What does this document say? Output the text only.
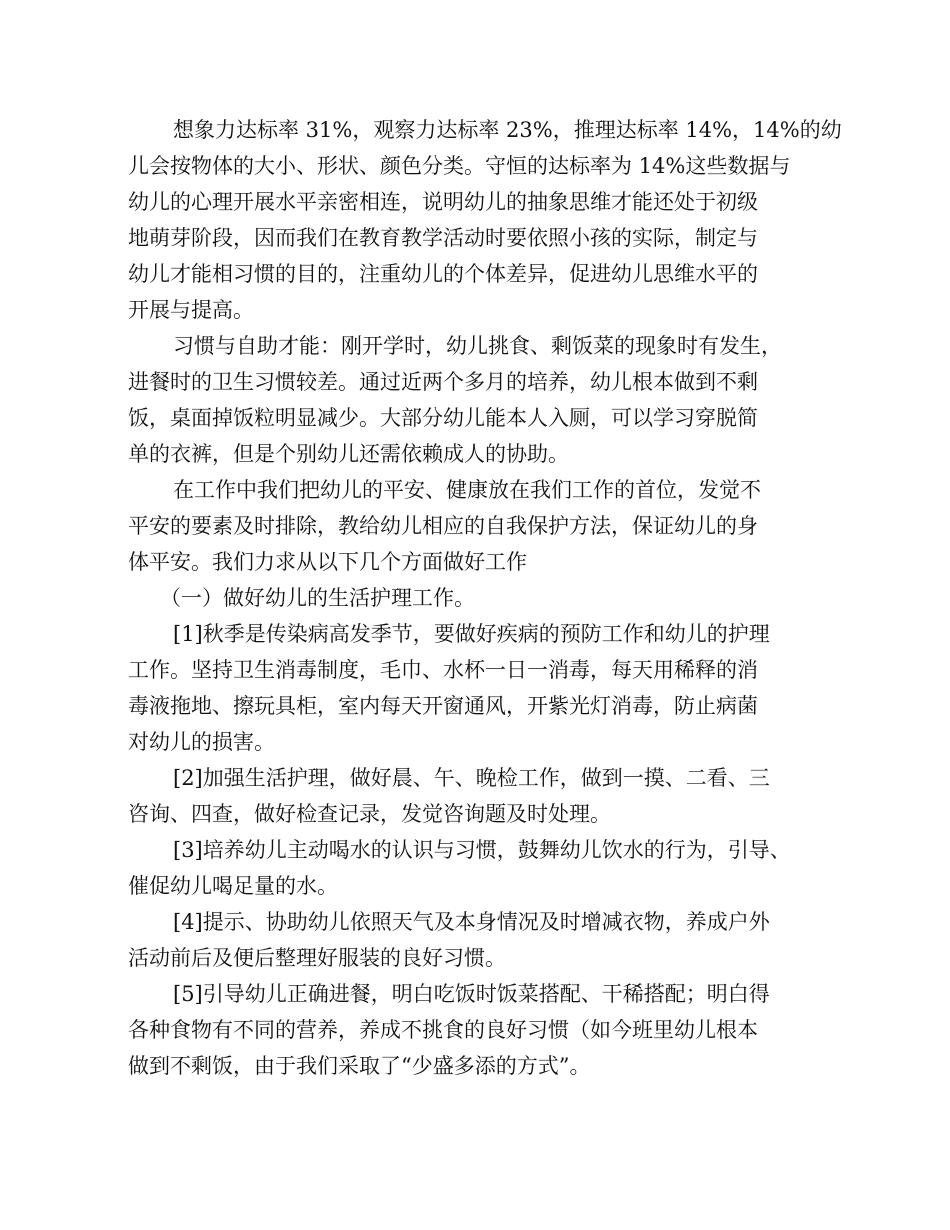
想象力达标率 31%，观察力达标率 23%，推理达标率 14%，14%的幼
儿会按物体的大小、形状、颜色分类。守恒的达标率为 14%这些数据与
幼儿的心理开展水平亲密相连，说明幼儿的抽象思维才能还处于初级
地萌芽阶段，因而我们在教育教学活动时要依照小孩的实际，制定与
幼儿才能相习惯的目的，注重幼儿的个体差异，促进幼儿思维水平的
开展与提高。
习惯与自助才能：刚开学时，幼儿挑食、剩饭菜的现象时有发生，
进餐时的卫生习惯较差。通过近两个多月的培养，幼儿根本做到不剩
饭，桌面掉饭粒明显减少。大部分幼儿能本人入厕，可以学习穿脱简
单的衣裤，但是个别幼儿还需依赖成人的协助。
在工作中我们把幼儿的平安、健康放在我们工作的首位，发觉不
平安的要素及时排除，教给幼儿相应的自我保护方法，保证幼儿的身
体平安。我们力求从以下几个方面做好工作
（一）做好幼儿的生活护理工作。
[1]秋季是传染病高发季节，要做好疾病的预防工作和幼儿的护理
工作。坚持卫生消毒制度，毛巾、水杯一日一消毒，每天用稀释的消
毒液拖地、擦玩具柜，室内每天开窗通风，开紫光灯消毒，防止病菌
对幼儿的损害。
[2]加强生活护理，做好晨、午、晚检工作，做到一摸、二看、三
咨询、四查，做好检查记录，发觉咨询题及时处理。
[3]培养幼儿主动喝水的认识与习惯，鼓舞幼儿饮水的行为，引导、
催促幼儿喝足量的水。
[4]提示、协助幼儿依照天气及本身情况及时增减衣物，养成户外
活动前后及便后整理好服装的良好习惯。
[5]引导幼儿正确进餐，明白吃饭时饭菜搭配、干稀搭配；明白得
各种食物有不同的营养，养成不挑食的良好习惯（如今班里幼儿根本
做到不剩饭，由于我们采取了“少盛多添的方式”。
